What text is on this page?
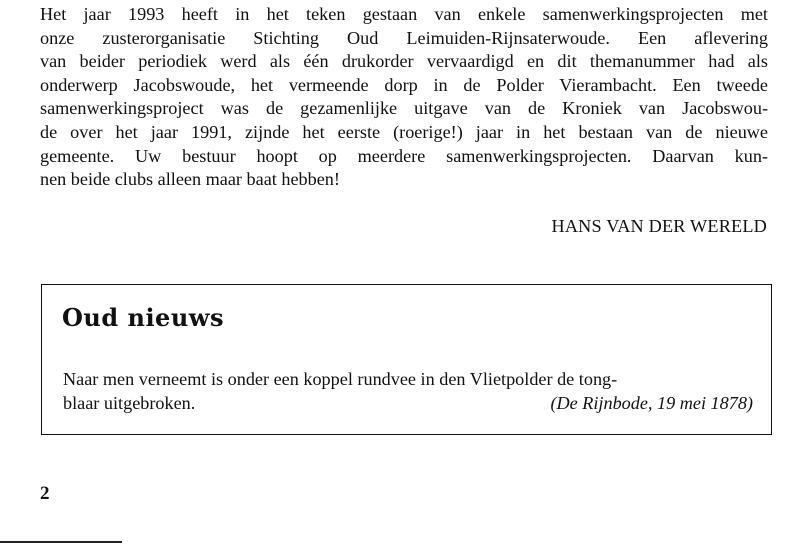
Het jaar 1993 heeft in het teken gestaan van enkele samenwerkingsprojecten met
onze zusterorganisatie Stichting Oud Leimuiden-Rijnsaterwoude. Een aflevering
van beider periodiek werd als één drukorder vervaardigd en dit themanummer had als
onderwerp Jacobswoude, het vermeende dorp in de Polder Vierambacht. Een tweede
samenwerkingsproject was de gezamenlijke uitgave van de Kroniek van Jacobswou-
de over het jaar 1991, zijnde het eerste (roerige!) jaar in het bestaan van de nieuwe
gemeente. Uw bestuur hoopt op meerdere samenwerkingsprojecten. Daarvan kun-
nen beide clubs alleen maar baat hebben!
HANS VAN DER WERELD
Oud nieuws
Naar men verneemt is onder een koppel rundvee in den Vlietpolder de tong-
blaar uitgebroken.	(De Rijnbode, 19 mei 1878)
2
